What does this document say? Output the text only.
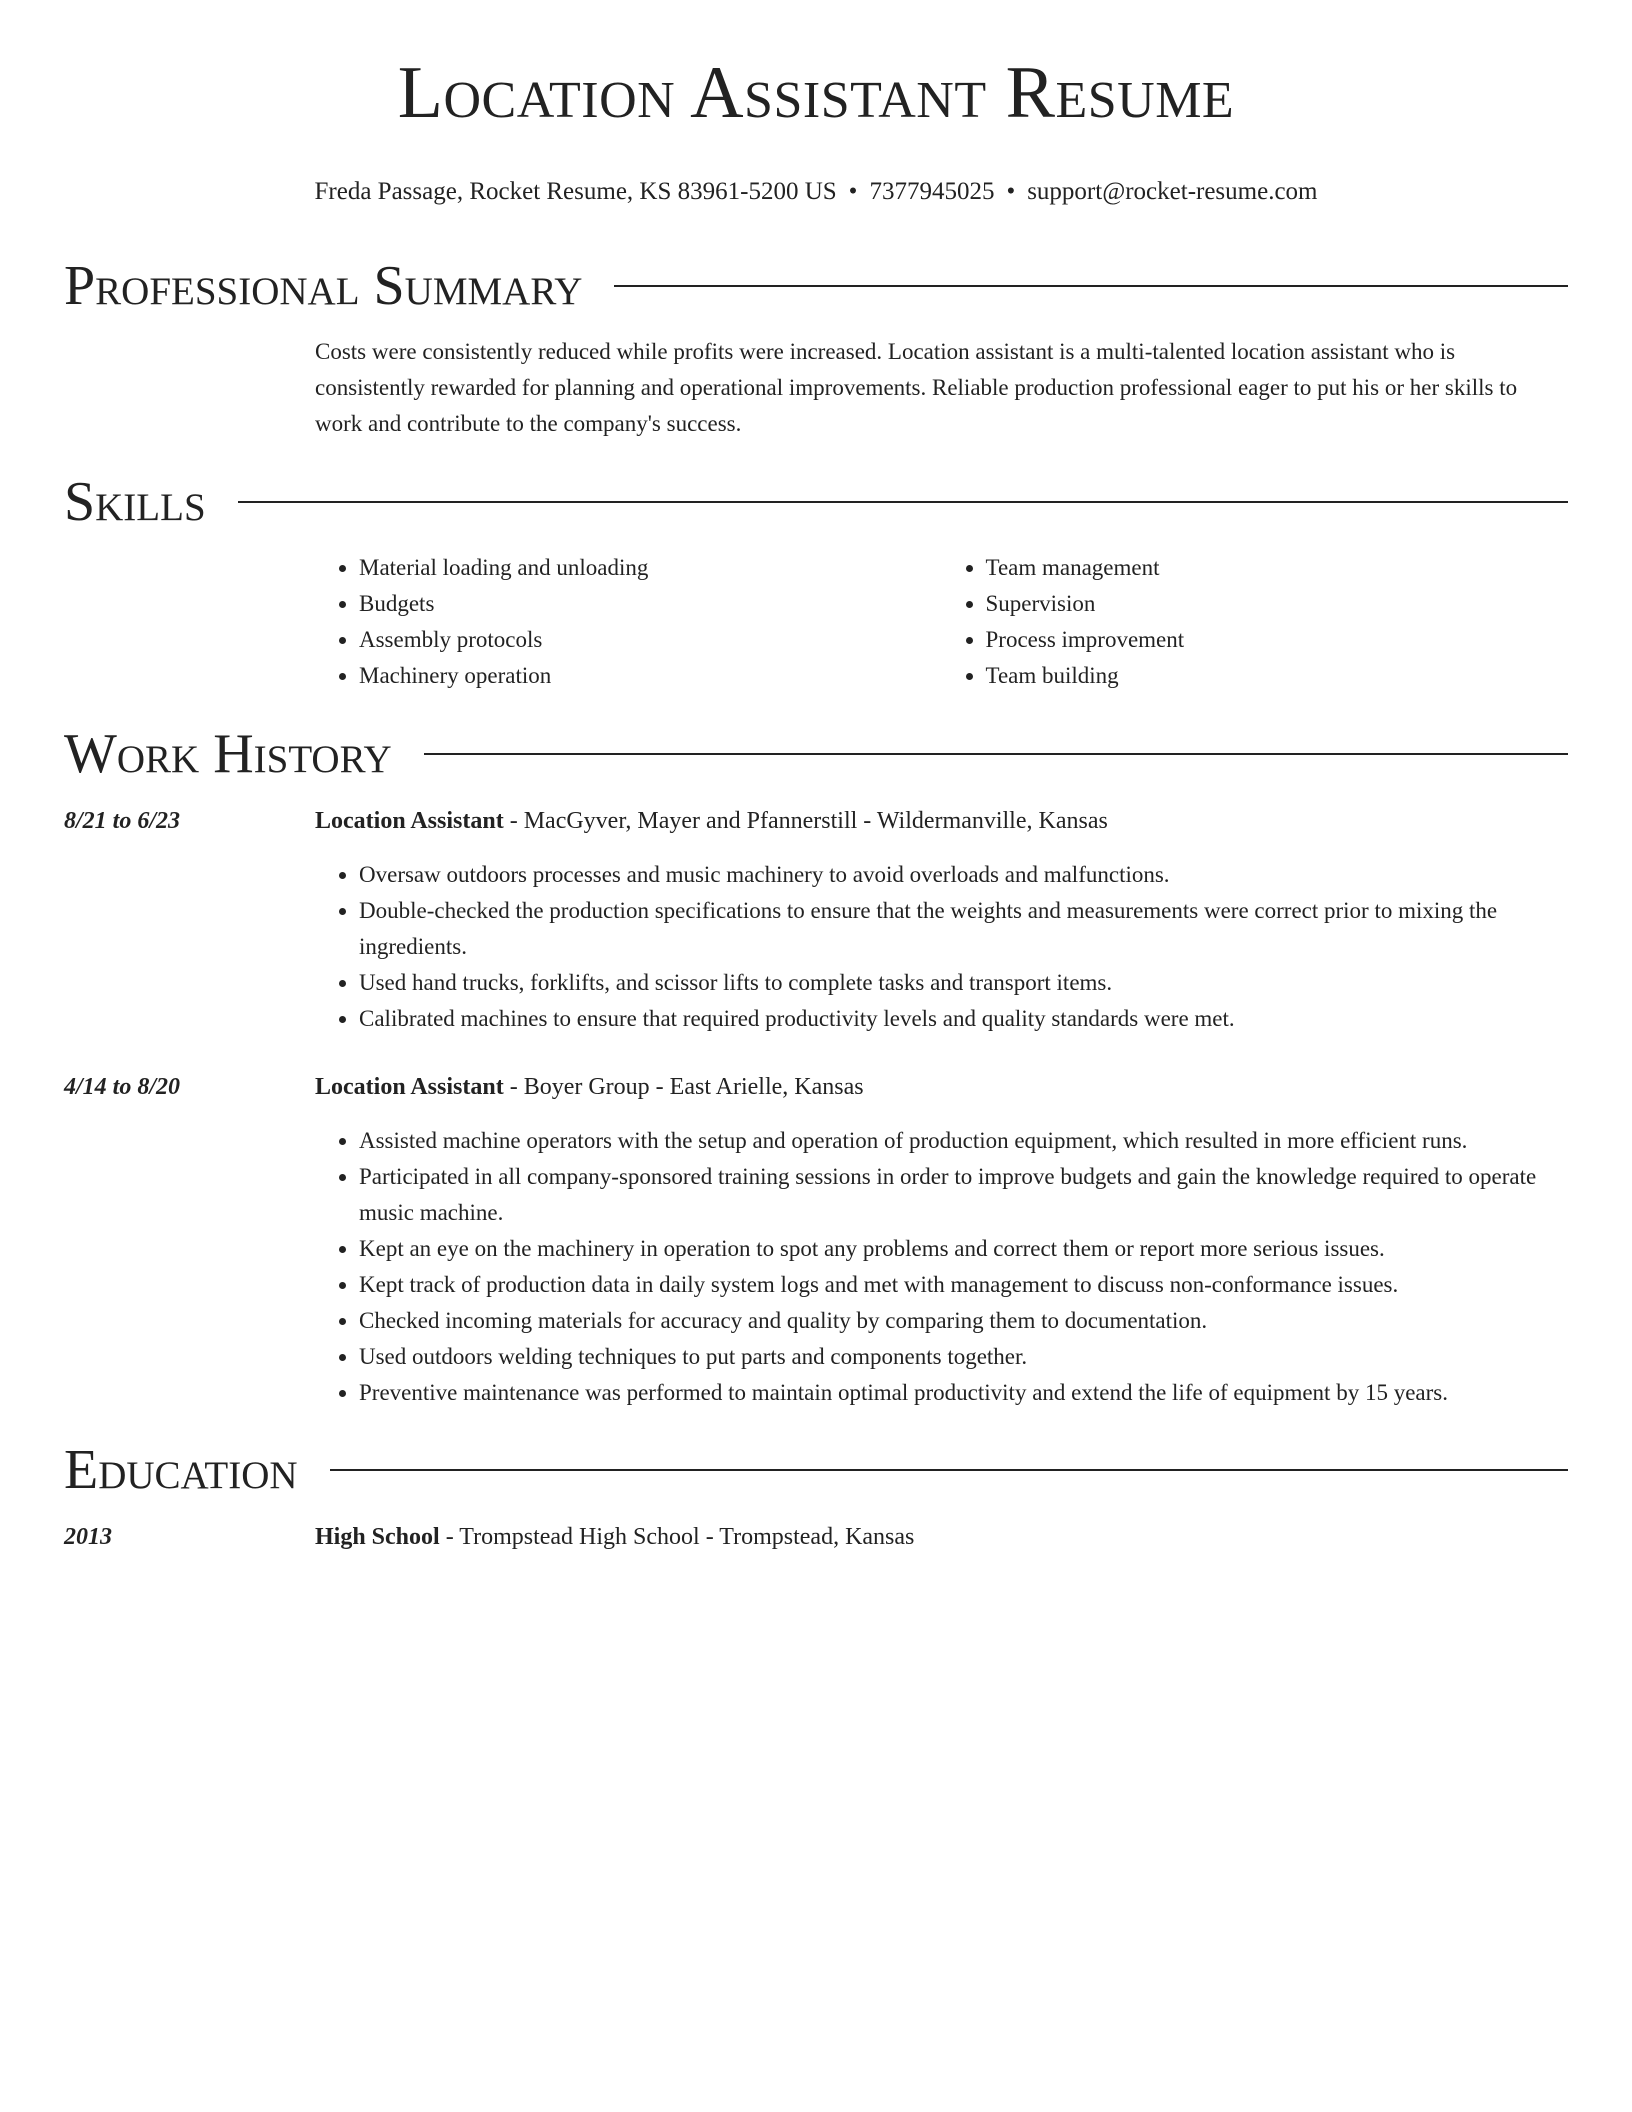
Location Assistant Resume
Freda Passage, Rocket Resume, KS 83961-5200 US • 7377945025 • support@rocket-resume.com
Professional Summary

Costs were consistently reduced while profits were increased. Location assistant is a multi-talented location assistant who is consistently rewarded for planning and operational improvements. Reliable production professional eager to put his or her skills to work and contribute to the company's success.

Skills
• Material loading and unloading
• Budgets
• Assembly protocols
• Machinery operation
• Team management
• Supervision
• Process improvement
• Team building
Work History
8/21 to 6/23	Location Assistant - MacGyver, Mayer and Pfannerstill - Wildermanville, Kansas
• Oversaw outdoors processes and music machinery to avoid overloads and malfunctions.
• Double-checked the production specifications to ensure that the weights and measurements were correct prior to mixing the ingredients.
• Used hand trucks, forklifts, and scissor lifts to complete tasks and transport items.
• Calibrated machines to ensure that required productivity levels and quality standards were met.
4/14 to 8/20	Location Assistant - Boyer Group - East Arielle, Kansas
• Assisted machine operators with the setup and operation of production equipment, which resulted in more efficient runs.
• Participated in all company-sponsored training sessions in order to improve budgets and gain the knowledge required to operate music machine.
• Kept an eye on the machinery in operation to spot any problems and correct them or report more serious issues.
• Kept track of production data in daily system logs and met with management to discuss non-conformance issues.
• Checked incoming materials for accuracy and quality by comparing them to documentation.
• Used outdoors welding techniques to put parts and components together.
• Preventive maintenance was performed to maintain optimal productivity and extend the life of equipment by 15 years.
Education
2013	High School - Trompstead High School - Trompstead, Kansas
